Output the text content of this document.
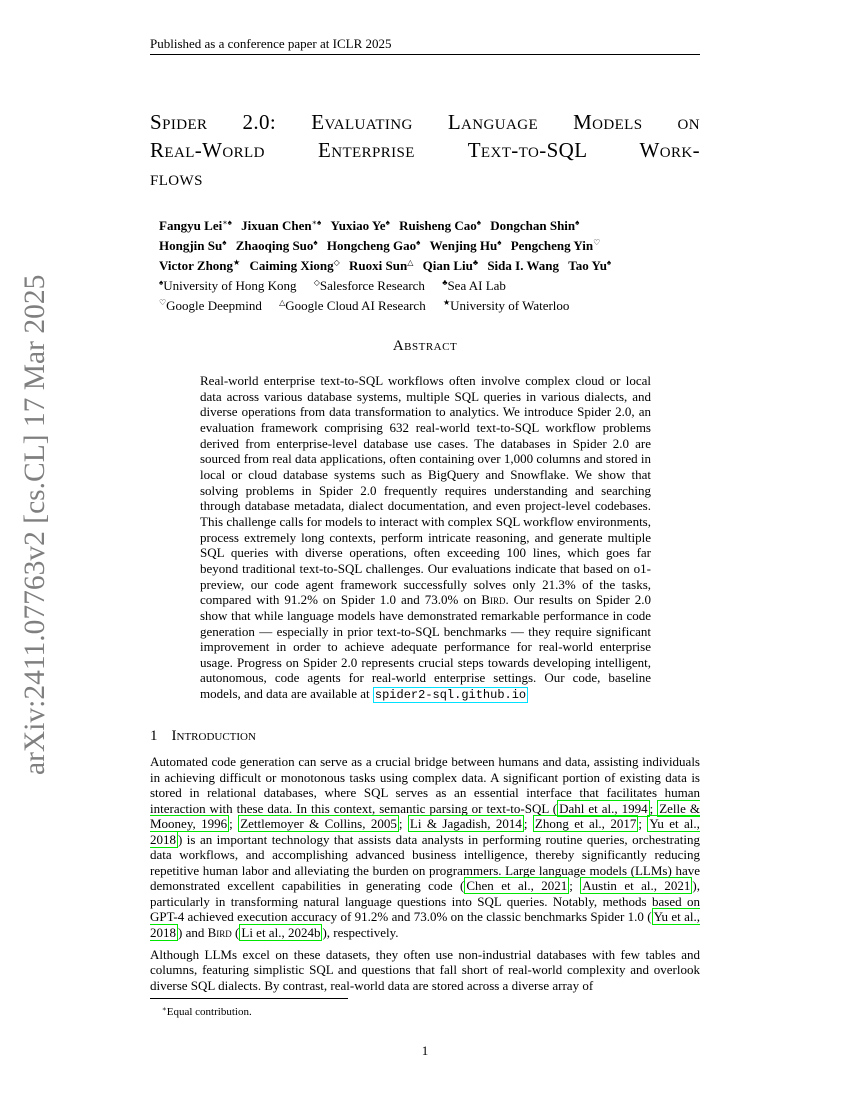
Published as a conference paper at ICLR 2025
arXiv:2411.07763v2 [cs.CL] 17 Mar 2025
Spider 2.0: Evaluating Language Models on
Real-World Enterprise Text-to-SQL Work-
flows
Fangyu Lei∗♠ Jixuan Chen∗♠ Yuxiao Ye♠ Ruisheng Cao♠ Dongchan Shin♠
Hongjin Su♠ Zhaoqing Suo♠ Hongcheng Gao♠ Wenjing Hu♠ Pengcheng Yin♡
Victor Zhong★ Caiming Xiong◇ Ruoxi Sun△ Qian Liu♣ Sida I. Wang Tao Yu♠
♠University of Hong Kong ◇Salesforce Research ♣Sea AI Lab
♡Google Deepmind △Google Cloud AI Research ★University of Waterloo
Abstract
Real-world enterprise text-to-SQL workflows often involve complex cloud or local data across various database systems, multiple SQL queries in various dialects, and diverse operations from data transformation to analytics. We introduce Spider 2.0, an evaluation framework comprising 632 real-world text-to-SQL workflow problems derived from enterprise-level database use cases. The databases in Spider 2.0 are sourced from real data applications, often containing over 1,000 columns and stored in local or cloud database systems such as BigQuery and Snowflake. We show that solving problems in Spider 2.0 frequently requires understanding and searching through database metadata, dialect documentation, and even project-level codebases. This challenge calls for models to interact with complex SQL workflow environments, process extremely long contexts, perform intricate reasoning, and generate multiple SQL queries with diverse operations, often exceeding 100 lines, which goes far beyond traditional text-to-SQL challenges. Our evaluations indicate that based on o1-preview, our code agent framework successfully solves only 21.3% of the tasks, compared with 91.2% on Spider 1.0 and 73.0% on Bird. Our results on Spider 2.0 show that while language models have demonstrated remarkable performance in code generation — especially in prior text-to-SQL benchmarks — they require significant improvement in order to achieve adequate performance for real-world enterprise usage. Progress on Spider 2.0 represents crucial steps towards developing intelligent, autonomous, code agents for real-world enterprise settings. Our code, baseline models, and data are available at spider2-sql.github.io
1 Introduction

Automated code generation can serve as a crucial bridge between humans and data, assisting individuals in achieving difficult or monotonous tasks using complex data. A significant portion of existing data is stored in relational databases, where SQL serves as an essential interface that facilitates human interaction with these data. In this context, semantic parsing or text-to-SQL ( Dahl et al., 1994 ; Zelle & Mooney, 1996 ; Zettlemoyer & Collins, 2005 ; Li & Jagadish, 2014 ; Zhong et al., 2017 ; Yu et al., 2018 ) is an important technology that assists data analysts in performing routine queries, orchestrating data workflows, and accomplishing advanced business intelligence, thereby significantly reducing repetitive human labor and alleviating the burden on programmers. Large language models (LLMs) have demonstrated excellent capabilities in generating code ( Chen et al., 2021 ; Austin et al., 2021 ), particularly in transforming natural language questions into SQL queries. Notably, methods based on GPT-4 achieved execution accuracy of 91.2% and 73.0% on the classic benchmarks Spider 1.0 ( Yu et al., 2018 ) and Bird ( Li et al., 2024b ), respectively.

Although LLMs excel on these datasets, they often use non-industrial databases with few tables and columns, featuring simplistic SQL and questions that fall short of real-world complexity and overlook diverse SQL dialects. By contrast, real-world data are stored across a diverse array of

∗Equal contribution.
1
